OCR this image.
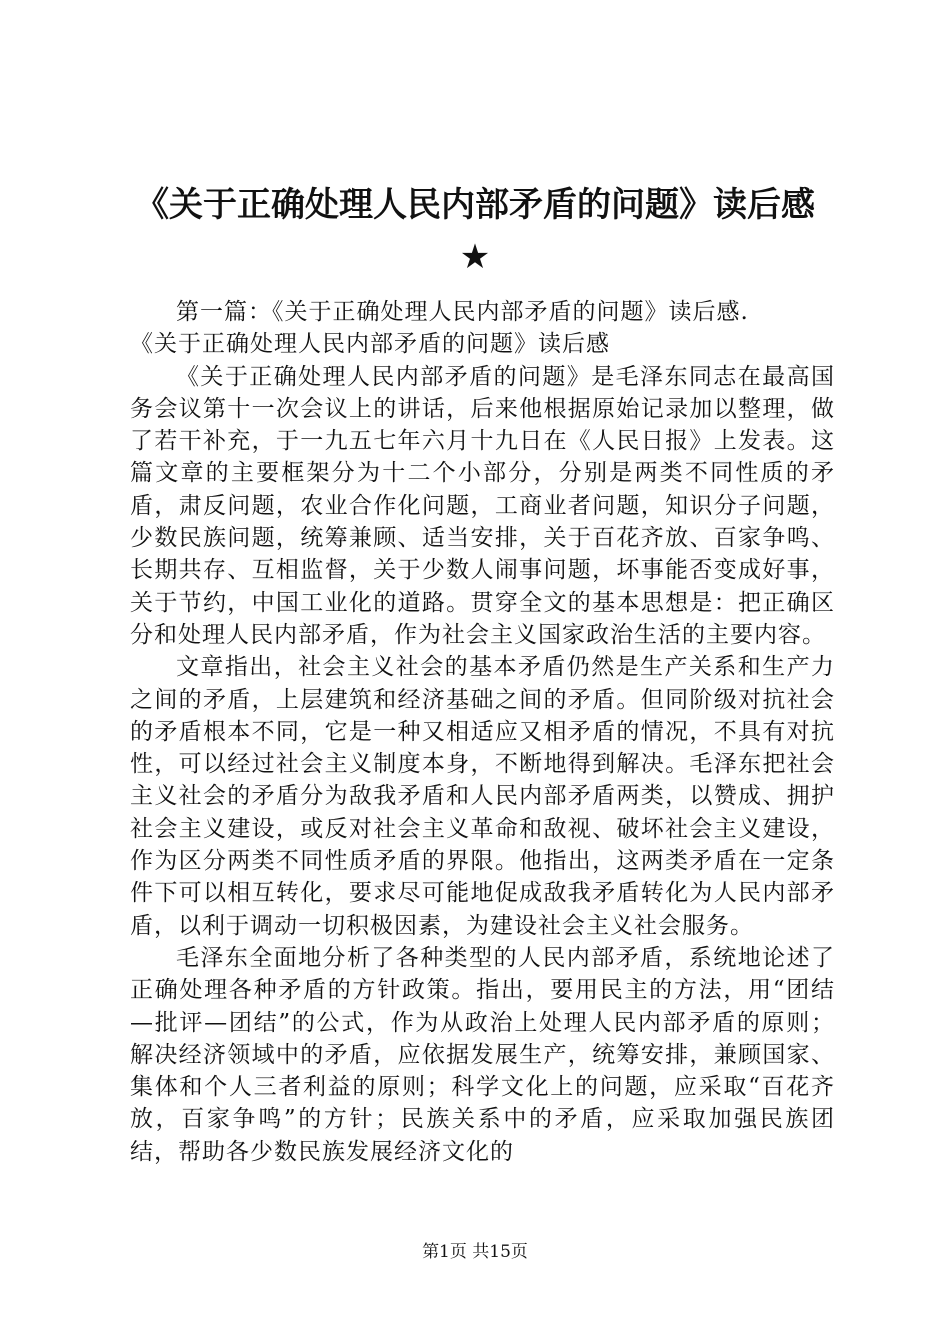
《关于正确处理人民内部矛盾的问题》读后感
★

第一篇：《关于正确处理人民内部矛盾的问题》读后感.

《关于正确处理人民内部矛盾的问题》读后感

《关于正确处理人民内部矛盾的问题》是毛泽东同志在最高国务会议第十一次会议上的讲话，后来他根据原始记录加以整理，做了若干补充，于一九五七年六月十九日在《人民日报》上发表。这篇文章的主要框架分为十二个小部分，分别是两类不同性质的矛盾，肃反问题，农业合作化问题，工商业者问题，知识分子问题，少数民族问题，统筹兼顾、适当安排，关于百花齐放、百家争鸣、长期共存、互相监督，关于少数人闹事问题，坏事能否变成好事，关于节约，中国工业化的道路。贯穿全文的基本思想是：把正确区分和处理人民内部矛盾，作为社会主义国家政治生活的主要内容。

文章指出，社会主义社会的基本矛盾仍然是生产关系和生产力之间的矛盾，上层建筑和经济基础之间的矛盾。但同阶级对抗社会的矛盾根本不同，它是一种又相适应又相矛盾的情况，不具有对抗性，可以经过社会主义制度本身，不断地得到解决。毛泽东把社会主义社会的矛盾分为敌我矛盾和人民内部矛盾两类，以赞成、拥护社会主义建设，或反对社会主义革命和敌视、破坏社会主义建设，作为区分两类不同性质矛盾的界限。他指出，这两类矛盾在一定条件下可以相互转化，要求尽可能地促成敌我矛盾转化为人民内部矛盾，以利于调动一切积极因素，为建设社会主义社会服务。

毛泽东全面地分析了各种类型的人民内部矛盾，系统地论述了正确处理各种矛盾的方针政策。指出，要用民主的方法，用“团结—批评—团结”的公式，作为从政治上处理人民内部矛盾的原则；解决经济领域中的矛盾，应依据发展生产，统筹安排，兼顾国家、集体和个人三者利益的原则；科学文化上的问题，应采取“百花齐放，百家争鸣”的方针；民族关系中的矛盾，应采取加强民族团结，帮助各少数民族发展经济文化的

第1页 共15页
